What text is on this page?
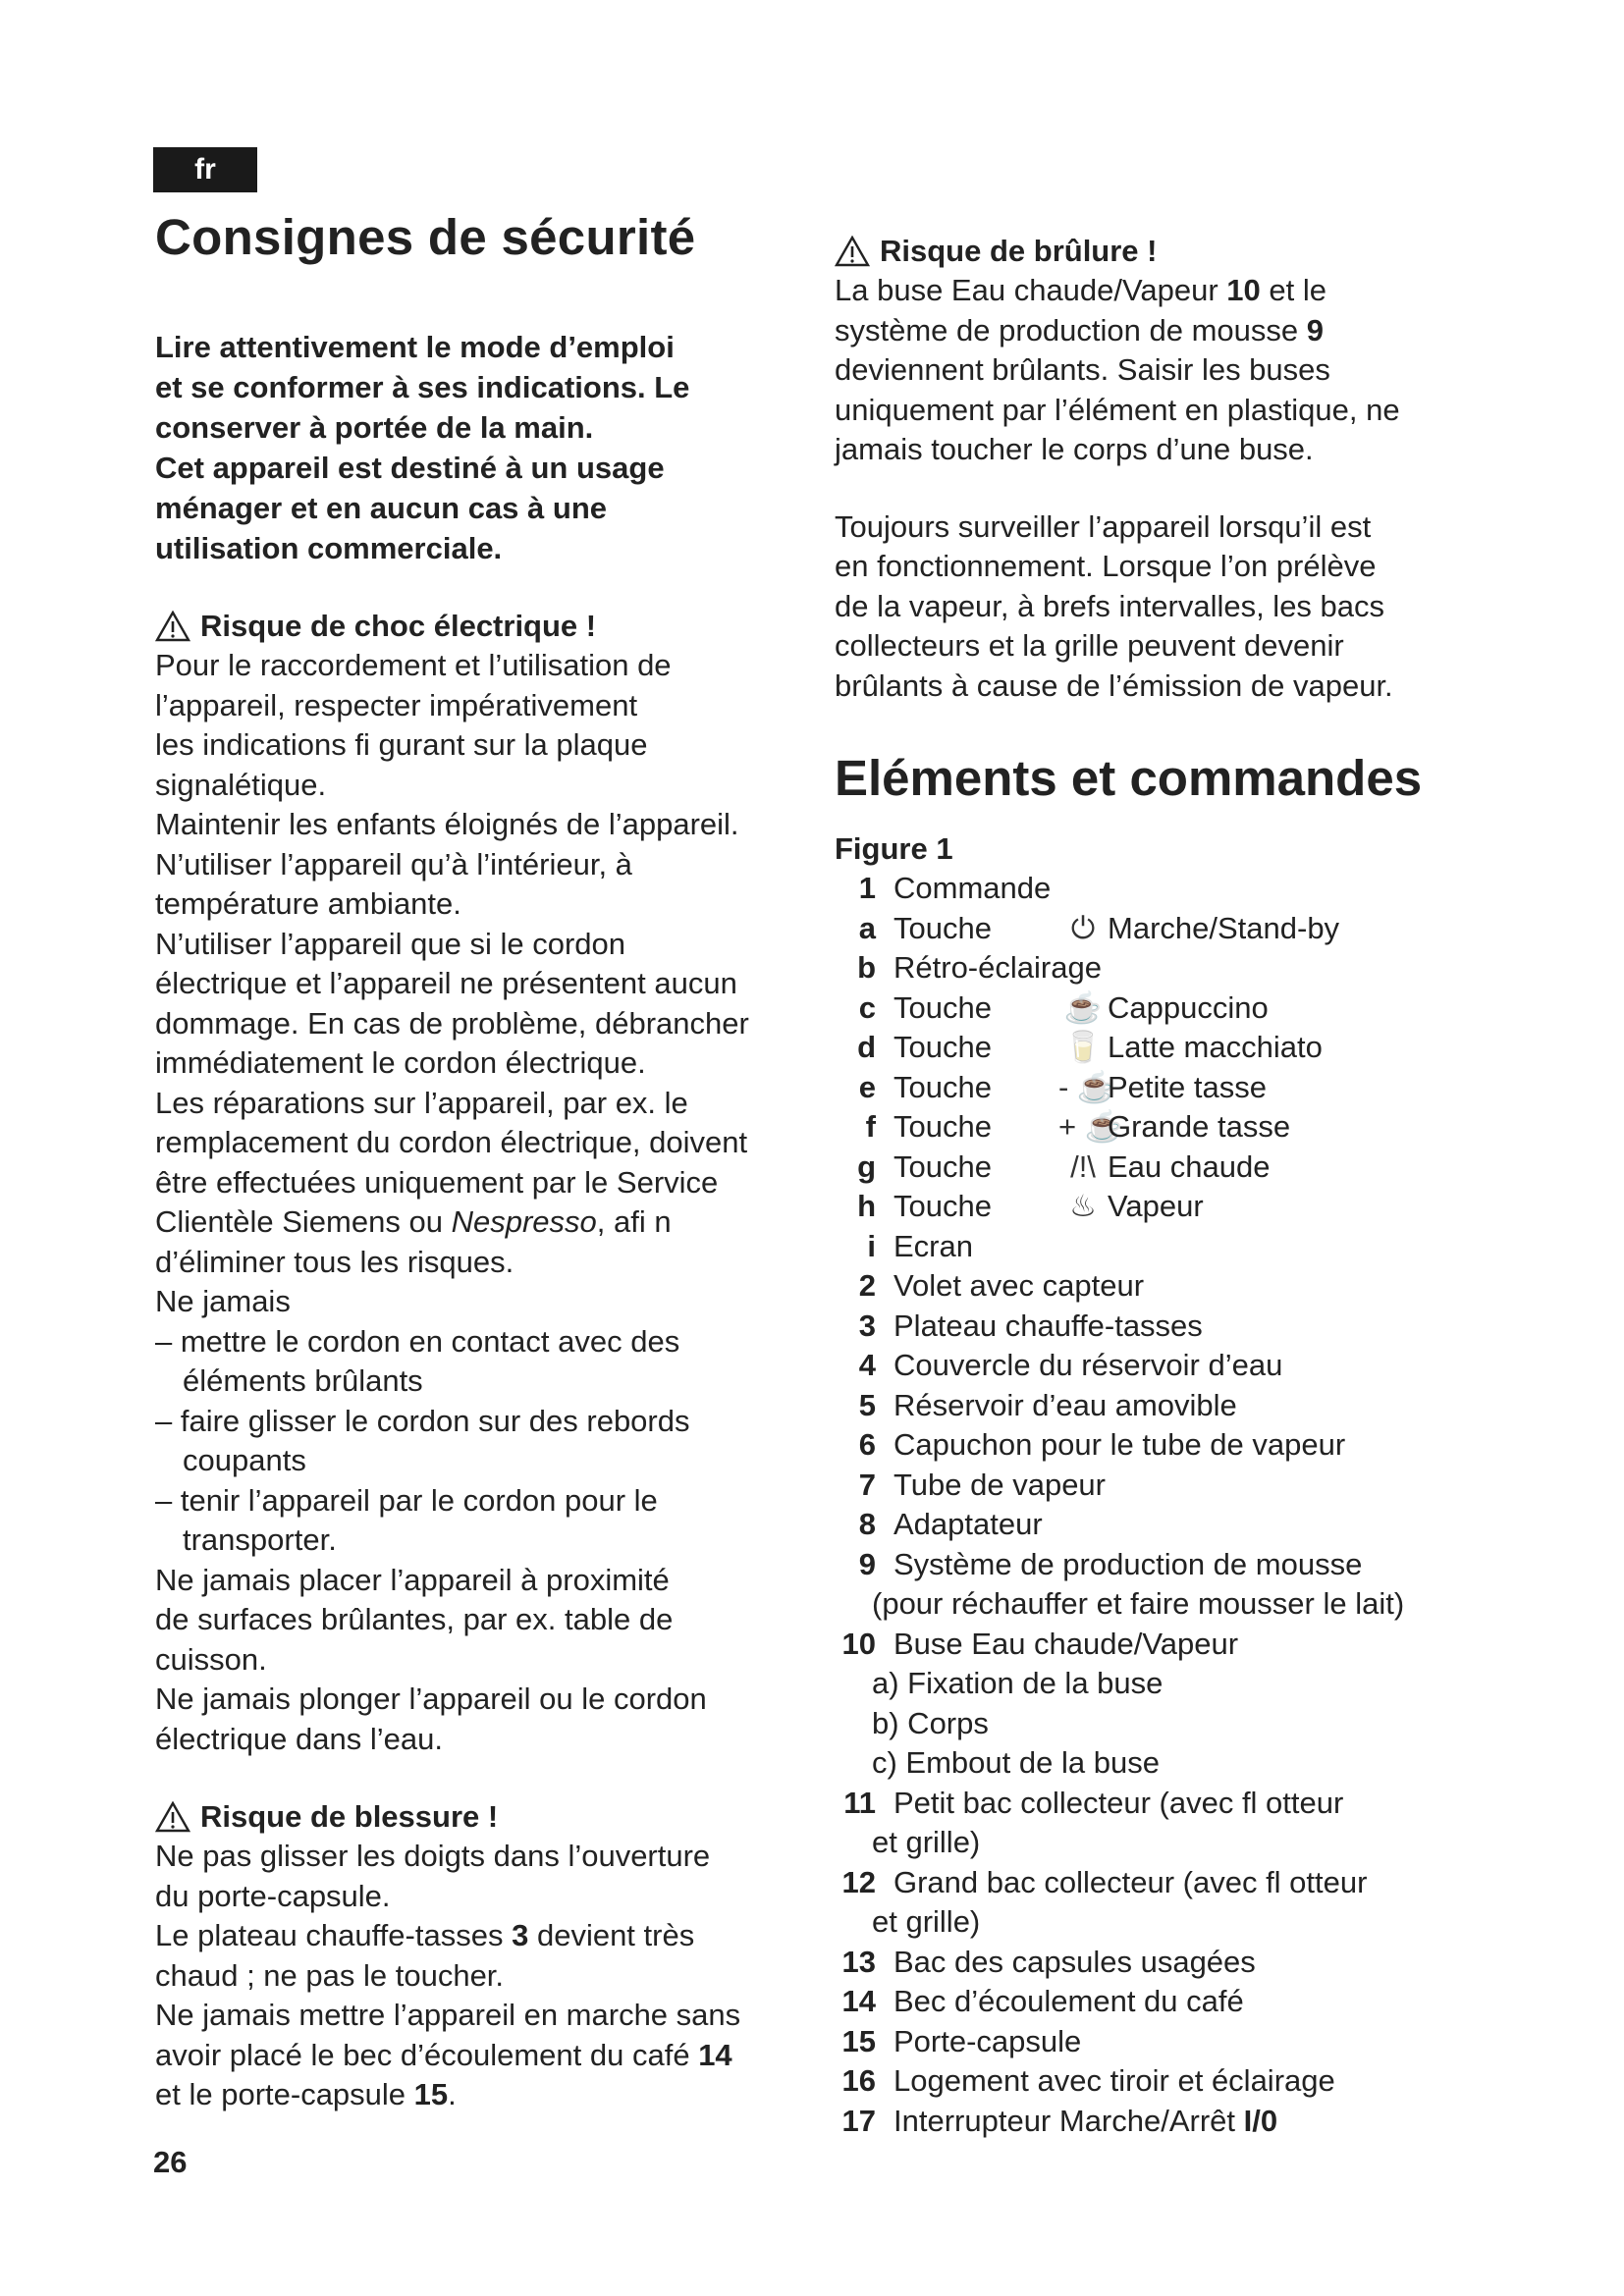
fr
Consignes de sécurité

Lire attentivement le mode d’emploi

et se conformer à ses indications. Le

conserver à portée de la main.

Cet appareil est destiné à un usage

ménager et en aucun cas à une

utilisation commerciale.

Risque de choc électrique !

Pour le raccordement et l’utilisation de

l’appareil, respecter impérativement

les indications fi gurant sur la plaque

signalétique.

Maintenir les enfants éloignés de l’appareil.

N’utiliser l’appareil qu’à l’intérieur, à

température ambiante.

N’utiliser l’appareil que si le cordon

électrique et l’appareil ne présentent aucun

dommage. En cas de problème, débrancher

immédiatement le cordon électrique.

Les réparations sur l’appareil, par ex. le

remplacement du cordon électrique, doivent

être effectuées uniquement par le Service

Clientèle Siemens ou Nespresso, afi n

d’éliminer tous les risques.

Ne jamais

– mettre le cordon en contact avec des

éléments brûlants

– faire glisser le cordon sur des rebords

coupants

– tenir l’appareil par le cordon pour le

transporter.

Ne jamais placer l’appareil à proximité

de surfaces brûlantes, par ex. table de

cuisson.

Ne jamais plonger l’appareil ou le cordon

électrique dans l’eau.

Risque de blessure !

Ne pas glisser les doigts dans l’ouverture

du porte-capsule.

Le plateau chauffe-tasses 3 devient très

chaud ; ne pas le toucher.

Ne jamais mettre l’appareil en marche sans

avoir placé le bec d’écoulement du café 14

et le porte-capsule 15.

Risque de brûlure !

La buse Eau chaude/Vapeur 10 et le

système de production de mousse 9

deviennent brûlants. Saisir les buses

uniquement par l’élément en plastique, ne

jamais toucher le corps d’une buse.

Toujours surveiller l’appareil lorsqu’il est

en fonctionnement. Lorsque l’on prélève

de la vapeur, à brefs intervalles, les bacs

collecteurs et la grille peuvent devenir

brûlants à cause de l’émission de vapeur.

Eléments et commandes
Figure 1
1 Commande
a Touche	⏻ Marche/Stand-by
b Rétro-éclairage
c Touche ☕ Cappuccino
d Touche 🥛 Latte macchiato
e Touche - ☕Petite tasse
f Touche + ☕Grande tasse
g Touche	/!\ Eau chaude
h Touche	♨ Vapeur
i Ecran
2 Volet avec capteur
3 Plateau chauffe-tasses
4 Couvercle du réservoir d’eau
5 Réservoir d’eau amovible
6 Capuchon pour le tube de vapeur
7 Tube de vapeur
8 Adaptateur
9 Système de production de mousse
(pour réchauffer et faire mousser le lait)
10 Buse Eau chaude/Vapeur
a) Fixation de la buse
b) Corps
c) Embout de la buse
11 Petit bac collecteur (avec fl otteur
et grille)
12 Grand bac collecteur (avec fl otteur
et grille)
13 Bac des capsules usagées
14 Bec d’écoulement du café
15 Porte-capsule
16 Logement avec tiroir et éclairage
17 Interrupteur Marche/Arrêt I/0
26
